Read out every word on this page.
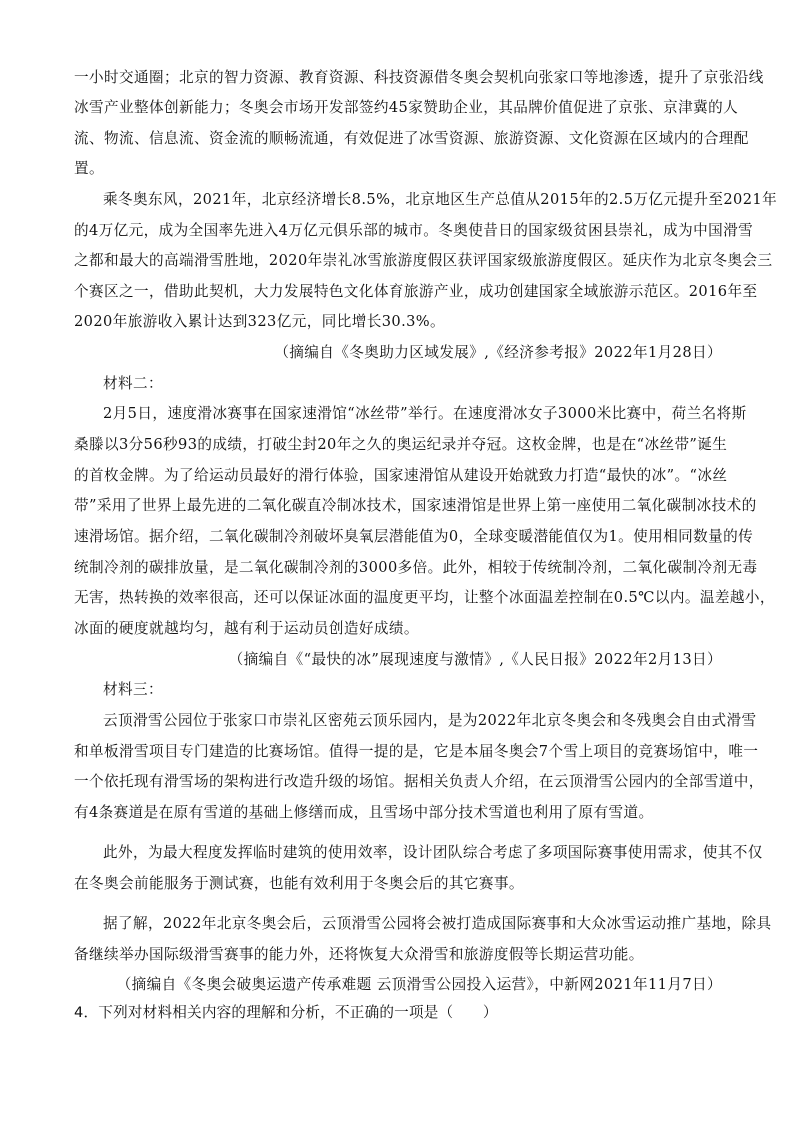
一小时交通圈；北京的智力资源、教育资源、科技资源借冬奥会契机向张家口等地渗透，提升了京张沿线
冰雪产业整体创新能力；冬奥会市场开发部签约45家赞助企业，其品牌价值促进了京张、京津冀的人
流、物流、信息流、资金流的顺畅流通，有效促进了冰雪资源、旅游资源、文化资源在区域内的合理配
置。
乘冬奥东风，2021年，北京经济增长8.5%，北京地区生产总值从2015年的2.5万亿元提升至2021年
的4万亿元，成为全国率先进入4万亿元俱乐部的城市。冬奥使昔日的国家级贫困县崇礼，成为中国滑雪
之都和最大的高端滑雪胜地，2020年崇礼冰雪旅游度假区获评国家级旅游度假区。延庆作为北京冬奥会三
个赛区之一，借助此契机，大力发展特色文化体育旅游产业，成功创建国家全域旅游示范区。2016年至
2020年旅游收入累计达到323亿元，同比增长30.3%。
（摘编自《冬奥助力区域发展》,《经济参考报》2022年1月28日）
材料二：
2月5日，速度滑冰赛事在国家速滑馆“冰丝带”举行。在速度滑冰女子3000米比赛中，荷兰名将斯
桑滕以3分56秒93的成绩，打破尘封20年之久的奥运纪录并夺冠。这枚金牌，也是在“冰丝带”诞生
的首枚金牌。为了给运动员最好的滑行体验，国家速滑馆从建设开始就致力打造“最快的冰”。“冰丝
带”采用了世界上最先进的二氧化碳直冷制冰技术，国家速滑馆是世界上第一座使用二氧化碳制冰技术的
速滑场馆。据介绍，二氧化碳制冷剂破坏臭氧层潜能值为0，全球变暖潜能值仅为1。使用相同数量的传
统制冷剂的碳排放量，是二氧化碳制冷剂的3000多倍。此外，相较于传统制冷剂，二氧化碳制冷剂无毒
无害，热转换的效率很高，还可以保证冰面的温度更平均，让整个冰面温差控制在0.5℃以内。温差越小，
冰面的硬度就越均匀，越有利于运动员创造好成绩。
（摘编自《“最快的冰”展现速度与激情》,《人民日报》2022年2月13日）
材料三：
云顶滑雪公园位于张家口市崇礼区密苑云顶乐园内，是为2022年北京冬奥会和冬残奥会自由式滑雪
和单板滑雪项目专门建造的比赛场馆。值得一提的是，它是本届冬奥会7个雪上项目的竞赛场馆中，唯一
一个依托现有滑雪场的架构进行改造升级的场馆。据相关负责人介绍，在云顶滑雪公园内的全部雪道中，
有4条赛道是在原有雪道的基础上修缮而成，且雪场中部分技术雪道也利用了原有雪道。
此外，为最大程度发挥临时建筑的使用效率，设计团队综合考虑了多项国际赛事使用需求，使其不仅
在冬奥会前能服务于测试赛，也能有效利用于冬奥会后的其它赛事。
据了解，2022年北京冬奥会后，云顶滑雪公园将会被打造成国际赛事和大众冰雪运动推广基地，除具
备继续举办国际级滑雪赛事的能力外，还将恢复大众滑雪和旅游度假等长期运营功能。
（摘编自《冬奥会破奥运遗产传承难题 云顶滑雪公园投入运营》，中新网2021年11月7日）
4．下列对材料相关内容的理解和分析，不正确的一项是（　　）
